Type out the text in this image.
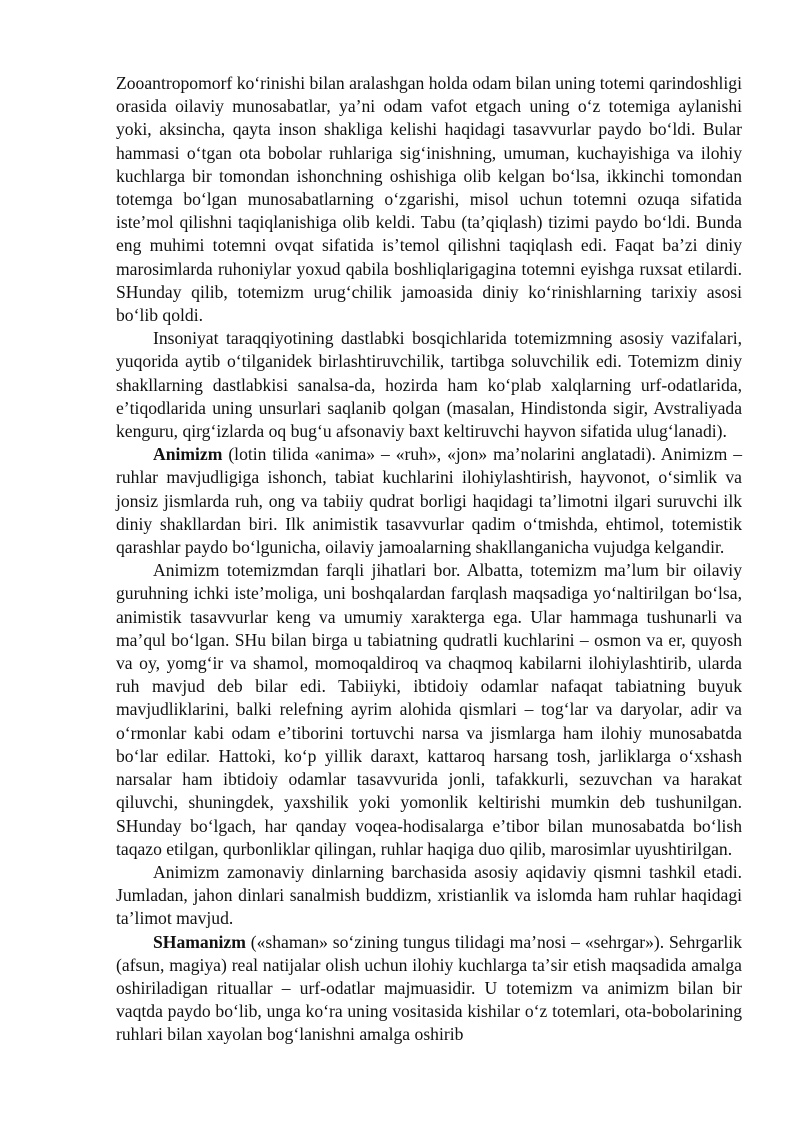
Zooantropomorf koʻrinishi bilan aralashgan holda odam bilan uning totemi qarindoshligi orasida oilaviy munosabatlar, yaʼni odam vafot etgach uning oʻz totemiga aylanishi yoki, aksincha, qayta inson shakliga kelishi haqidagi tasavvurlar paydo boʻldi. Bular hammasi oʻtgan ota bobolar ruhlariga sigʻinishning, umuman, kuchayishiga va ilohiy kuchlarga bir tomondan ishonchning oshishiga olib kelgan boʻlsa, ikkinchi tomondan totemga boʻlgan munosabatlarning oʻzgarishi, misol uchun totemni ozuqa sifatida isteʼmol qilishni taqiqlanishiga olib keldi. Tabu (taʼqiqlash) tizimi paydo boʻldi. Bunda eng muhimi totemni ovqat sifatida isʼtemol qilishni taqiqlash edi. Faqat baʼzi diniy marosimlarda ruhoniylar yoxud qabila boshliqlarigagina totemni eyishga ruxsat etilardi. SHunday qilib, totemizm urugʻchilik jamoasida diniy koʻrinishlarning tarixiy asosi boʻlib qoldi.

Insoniyat taraqqiyotining dastlabki bosqichlarida totemizmning asosiy vazifalari, yuqorida aytib oʻtilganidek birlashtiruvchilik, tartibga soluvchilik edi. Totemizm diniy shakllarning dastlabkisi sanalsa-da, hozirda ham koʻplab xalqlarning urf-odatlarida, eʼtiqodlarida uning unsurlari saqlanib qolgan (masalan, Hindistonda sigir, Avstraliyada kenguru, qirgʻizlarda oq bugʻu afsonaviy baxt keltiruvchi hayvon sifatida ulugʻlanadi).

Animizm (lotin tilida «anima» – «ruh», «jon» maʼnolarini anglatadi). Animizm – ruhlar mavjudligiga ishonch, tabiat kuchlarini ilohiylashtirish, hayvonot, oʻsimlik va jonsiz jismlarda ruh, ong va tabiiy qudrat borligi haqidagi taʼlimotni ilgari suruvchi ilk diniy shakllardan biri. Ilk animistik tasavvurlar qadim oʻtmishda, ehtimol, totemistik qarashlar paydo boʻlgunicha, oilaviy jamoalarning shakllanganicha vujudga kelgandir.

Animizm totemizmdan farqli jihatlari bor. Albatta, totemizm maʼlum bir oilaviy guruhning ichki isteʼmoliga, uni boshqalardan farqlash maqsadiga yoʻnaltirilgan boʻlsa, animistik tasavvurlar keng va umumiy xarakterga ega. Ular hammaga tushunarli va maʼqul boʻlgan. SHu bilan birga u tabiatning qudratli kuchlarini – osmon va er, quyosh va oy, yomgʻir va shamol, momoqaldiroq va chaqmoq kabilarni ilohiylashtirib, ularda ruh mavjud deb bilar edi. Tabiiyki, ibtidoiy odamlar nafaqat tabiatning buyuk mavjudliklarini, balki relefning ayrim alohida qismlari – togʻlar va daryolar, adir va oʻrmonlar kabi odam eʼtiborini tortuvchi narsa va jismlarga ham ilohiy munosabatda boʻlar edilar. Hattoki, koʻp yillik daraxt, kattaroq harsang tosh, jarliklarga oʻxshash narsalar ham ibtidoiy odamlar tasavvurida jonli, tafakkurli, sezuvchan va harakat qiluvchi, shuningdek, yaxshilik yoki yomonlik keltirishi mumkin deb tushunilgan. SHunday boʻlgach, har qanday voqea-hodisalarga eʼtibor bilan munosabatda boʻlish taqazo etilgan, qurbonliklar qilingan, ruhlar haqiga duo qilib, marosimlar uyushtirilgan.

Animizm zamonaviy dinlarning barchasida asosiy aqidaviy qismni tashkil etadi. Jumladan, jahon dinlari sanalmish buddizm, xristianlik va islomda ham ruhlar haqidagi taʼlimot mavjud.

SHamanizm («shaman» soʻzining tungus tilidagi maʼnosi – «sehrgar»). Sehrgarlik (afsun, magiya) real natijalar olish uchun ilohiy kuchlarga taʼsir etish maqsadida amalga oshiriladigan rituallar – urf-odatlar majmuasidir. U totemizm va animizm bilan bir vaqtda paydo boʻlib, unga koʻra uning vositasida kishilar oʻz totemlari, ota-bobolarining ruhlari bilan xayolan bogʻlanishni amalga oshirib
